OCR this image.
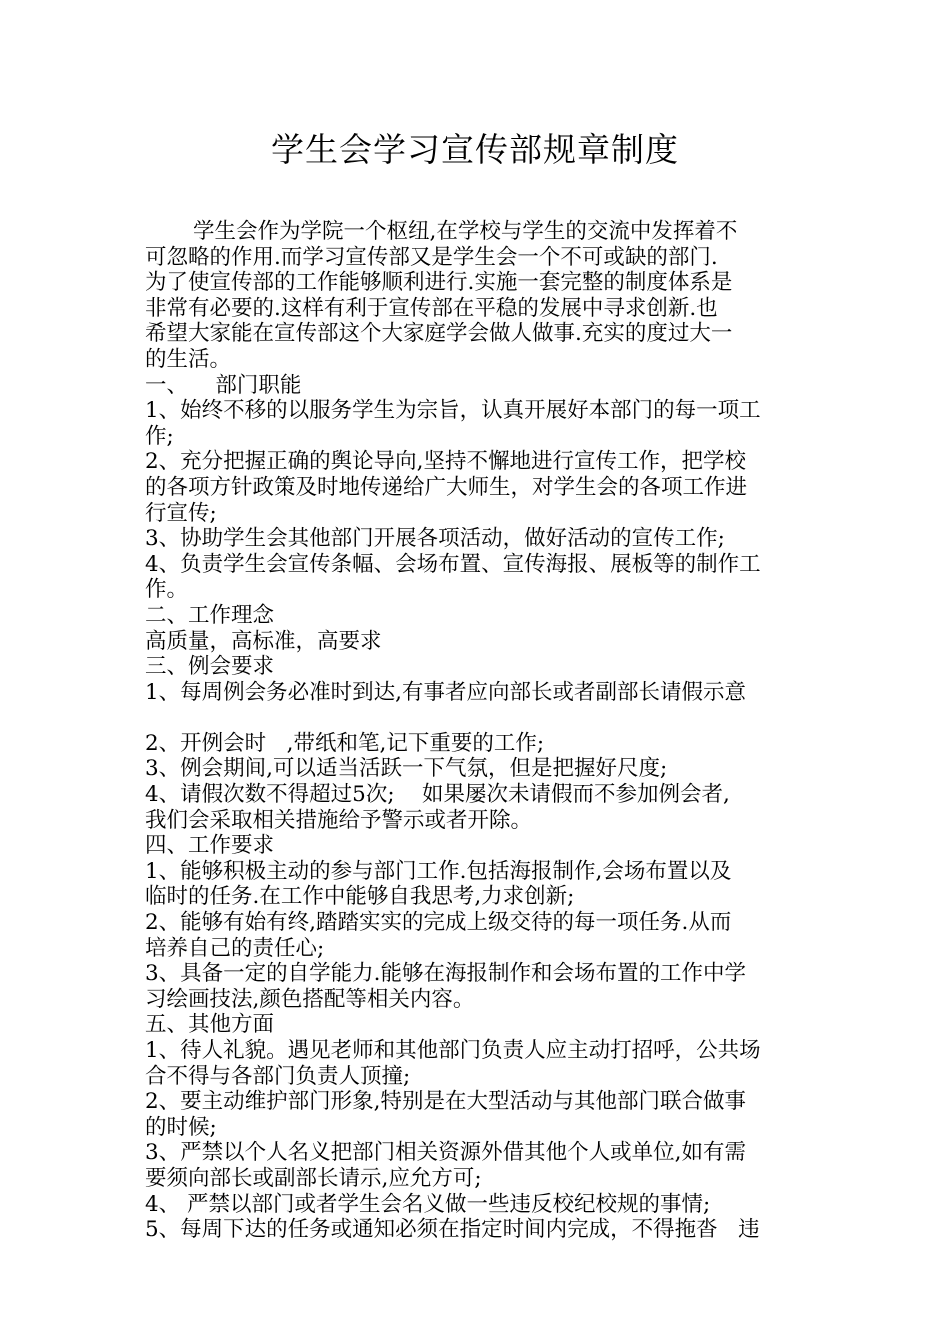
学生会学习宣传部规章制度
学生会作为学院一个枢纽,在学校与学生的交流中发挥着不
可忽略的作用.而学习宣传部又是学生会一个不可或缺的部门.
为了使宣传部的工作能够顺利进行.实施一套完整的制度体系是
非常有必要的.这样有利于宣传部在平稳的发展中寻求创新.也
希望大家能在宣传部这个大家庭学会做人做事.充实的度过大一
的生活。
一、    部门职能
1、始终不移的以服务学生为宗旨，认真开展好本部门的每一项工
作;
2、充分把握正确的舆论导向,坚持不懈地进行宣传工作，把学校
的各项方针政策及时地传递给广大师生，对学生会的各项工作进
行宣传;
3、协助学生会其他部门开展各项活动，做好活动的宣传工作;
4、负责学生会宣传条幅、会场布置、宣传海报、展板等的制作工
作。
二、工作理念
高质量，高标准，高要求
三、例会要求
1、每周例会务必准时到达,有事者应向部长或者副部长请假示意
2、开例会时   ,带纸和笔,记下重要的工作;
3、例会期间,可以适当活跃一下气氛，但是把握好尺度;
4、请假次数不得超过5次;    如果屡次未请假而不参加例会者,
我们会采取相关措施给予警示或者开除。
四、工作要求
1、能够积极主动的参与部门工作.包括海报制作,会场布置以及
临时的任务.在工作中能够自我思考,力求创新;
2、能够有始有终,踏踏实实的完成上级交待的每一项任务.从而
培养自己的责任心;
3、具备一定的自学能力.能够在海报制作和会场布置的工作中学
习绘画技法,颜色搭配等相关内容。
五、其他方面
1、待人礼貌。遇见老师和其他部门负责人应主动打招呼，公共场
合不得与各部门负责人顶撞;
2、要主动维护部门形象,特别是在大型活动与其他部门联合做事
的时候;
3、严禁以个人名义把部门相关资源外借其他个人或单位,如有需
要须向部长或副部长请示,应允方可;
4、 严禁以部门或者学生会名义做一些违反校纪校规的事情;
5、每周下达的任务或通知必须在指定时间内完成，不得拖沓   违
